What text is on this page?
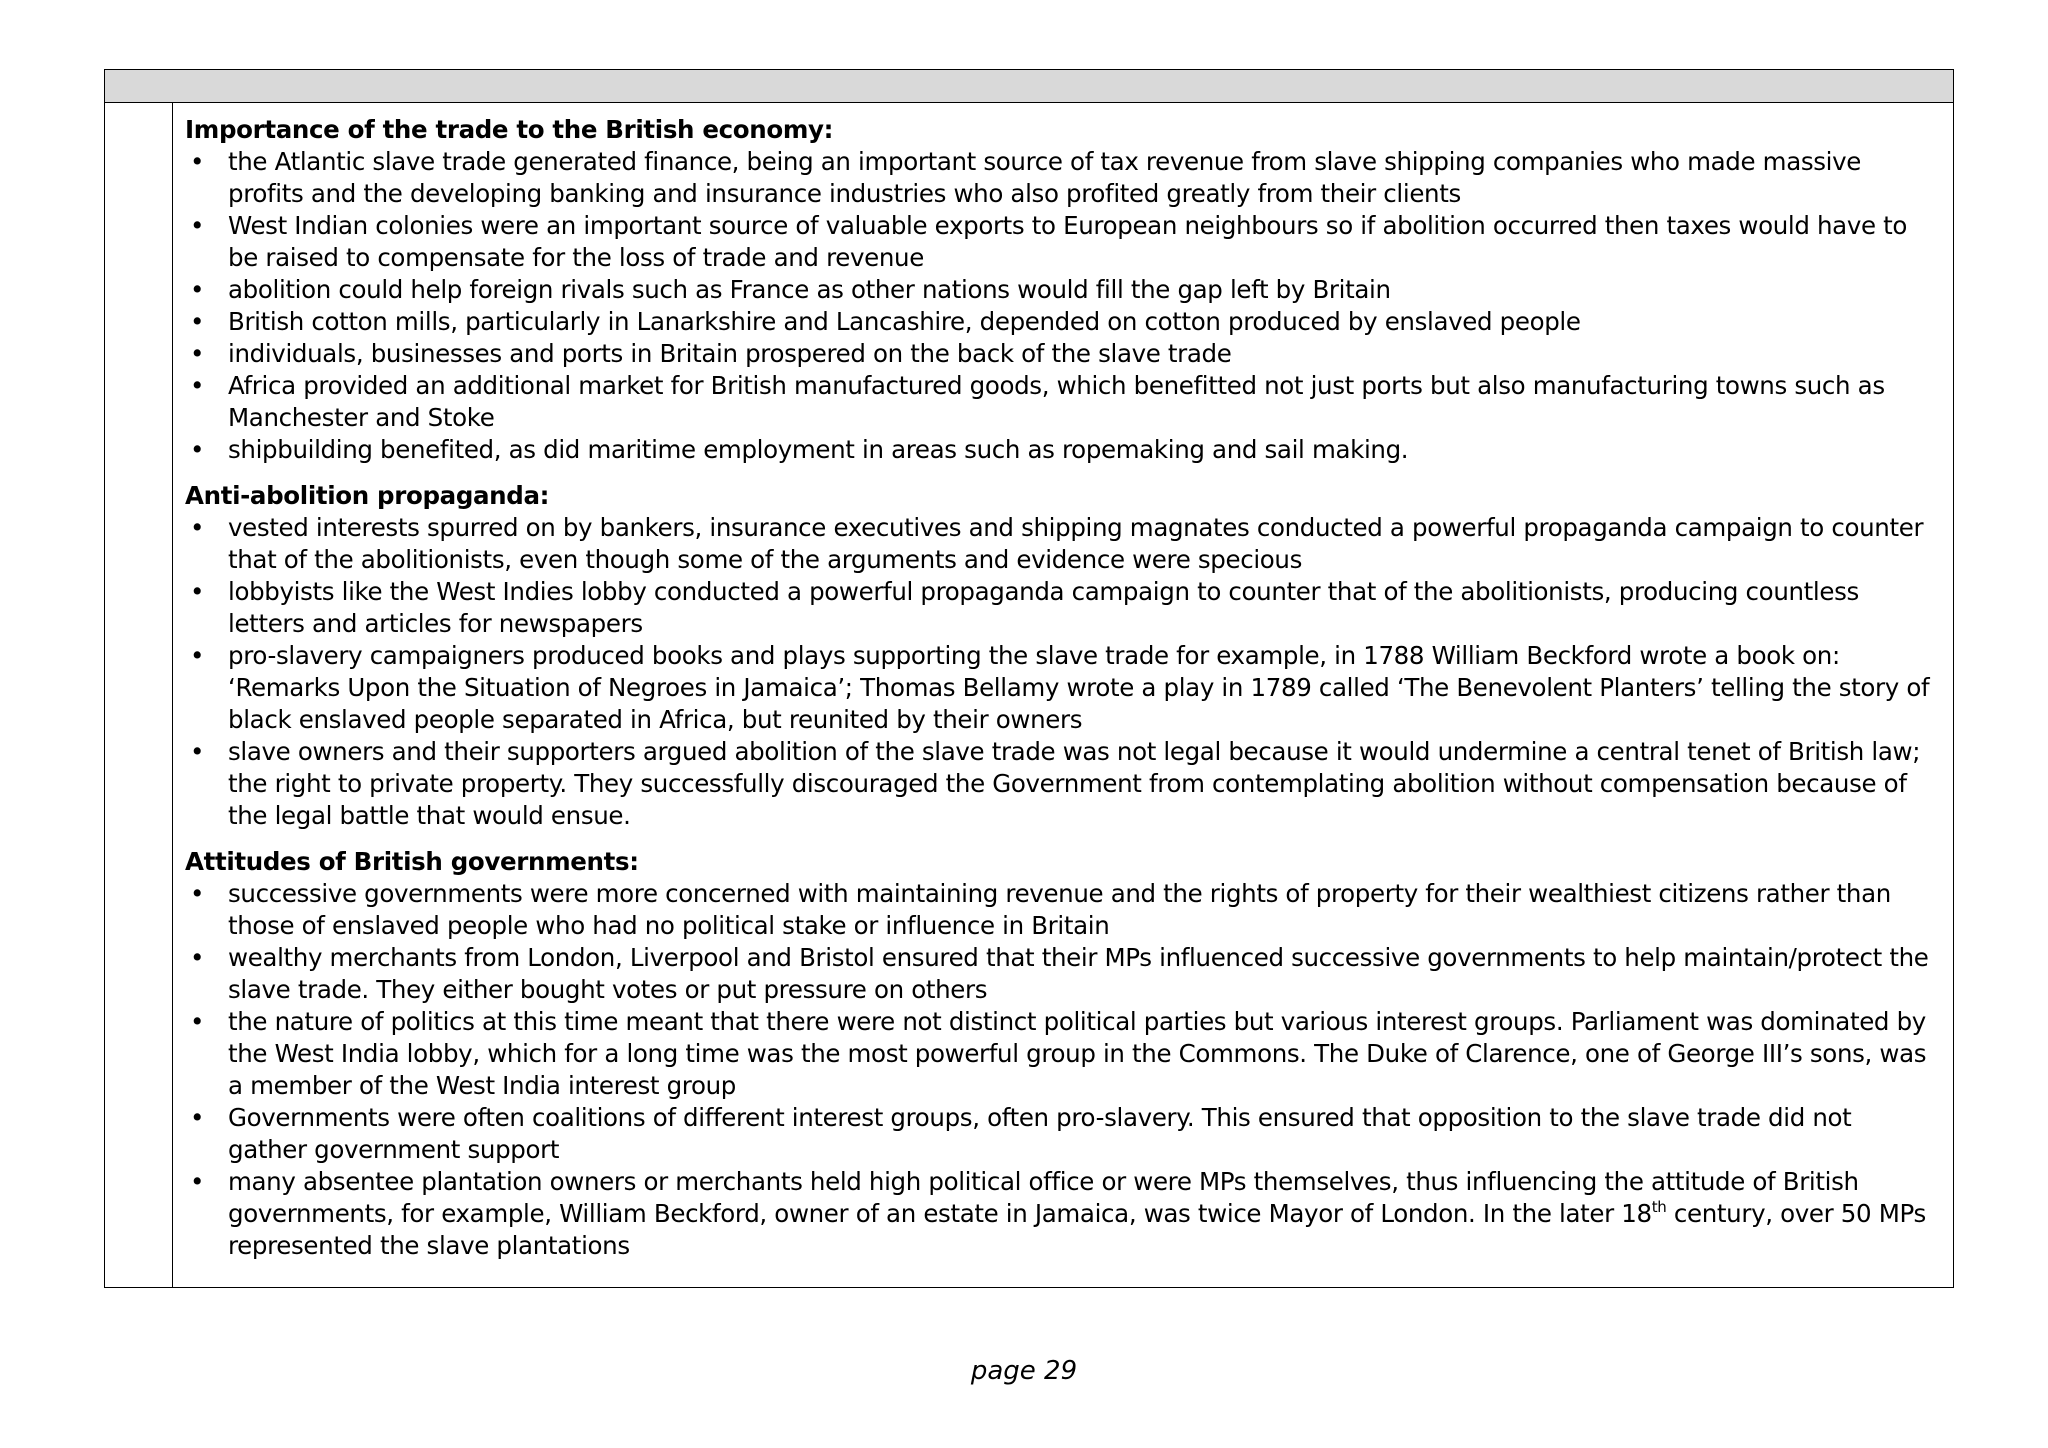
Importance of the trade to the British economy:

• the Atlantic slave trade generated finance, being an important source of tax revenue from slave shipping companies who made massive profits and the developing banking and insurance industries who also profited greatly from their clients
• West Indian colonies were an important source of valuable exports to European neighbours so if abolition occurred then taxes would have to be raised to compensate for the loss of trade and revenue
• abolition could help foreign rivals such as France as other nations would fill the gap left by Britain
• British cotton mills, particularly in Lanarkshire and Lancashire, depended on cotton produced by enslaved people
• individuals, businesses and ports in Britain prospered on the back of the slave trade
• Africa provided an additional market for British manufactured goods, which benefitted not just ports but also manufacturing towns such as Manchester and Stoke
• shipbuilding benefited, as did maritime employment in areas such as ropemaking and sail making.

Anti-abolition propaganda:

• vested interests spurred on by bankers, insurance executives and shipping magnates conducted a powerful propaganda campaign to counter that of the abolitionists, even though some of the arguments and evidence were specious
• lobbyists like the West Indies lobby conducted a powerful propaganda campaign to counter that of the abolitionists, producing countless letters and articles for newspapers
• pro-slavery campaigners produced books and plays supporting the slave trade for example, in 1788 William Beckford wrote a book on: ‘Remarks Upon the Situation of Negroes in Jamaica’; Thomas Bellamy wrote a play in 1789 called ‘The Benevolent Planters’ telling the story of black enslaved people separated in Africa, but reunited by their owners
• slave owners and their supporters argued abolition of the slave trade was not legal because it would undermine a central tenet of British law; the right to private property. They successfully discouraged the Government from contemplating abolition without compensation because of the legal battle that would ensue.

Attitudes of British governments:

• successive governments were more concerned with maintaining revenue and the rights of property for their wealthiest citizens rather than those of enslaved people who had no political stake or influence in Britain
• wealthy merchants from London, Liverpool and Bristol ensured that their MPs influenced successive governments to help maintain/protect the slave trade. They either bought votes or put pressure on others
• the nature of politics at this time meant that there were not distinct political parties but various interest groups. Parliament was dominated by the West India lobby, which for a long time was the most powerful group in the Commons. The Duke of Clarence, one of George III’s sons, was a member of the West India interest group
• Governments were often coalitions of different interest groups, often pro-slavery. This ensured that opposition to the slave trade did not gather government support
• many absentee plantation owners or merchants held high political office or were MPs themselves, thus influencing the attitude of British governments, for example, William Beckford, owner of an estate in Jamaica, was twice Mayor of London. In the later 18th century, over 50 MPs represented the slave plantations
page 29
